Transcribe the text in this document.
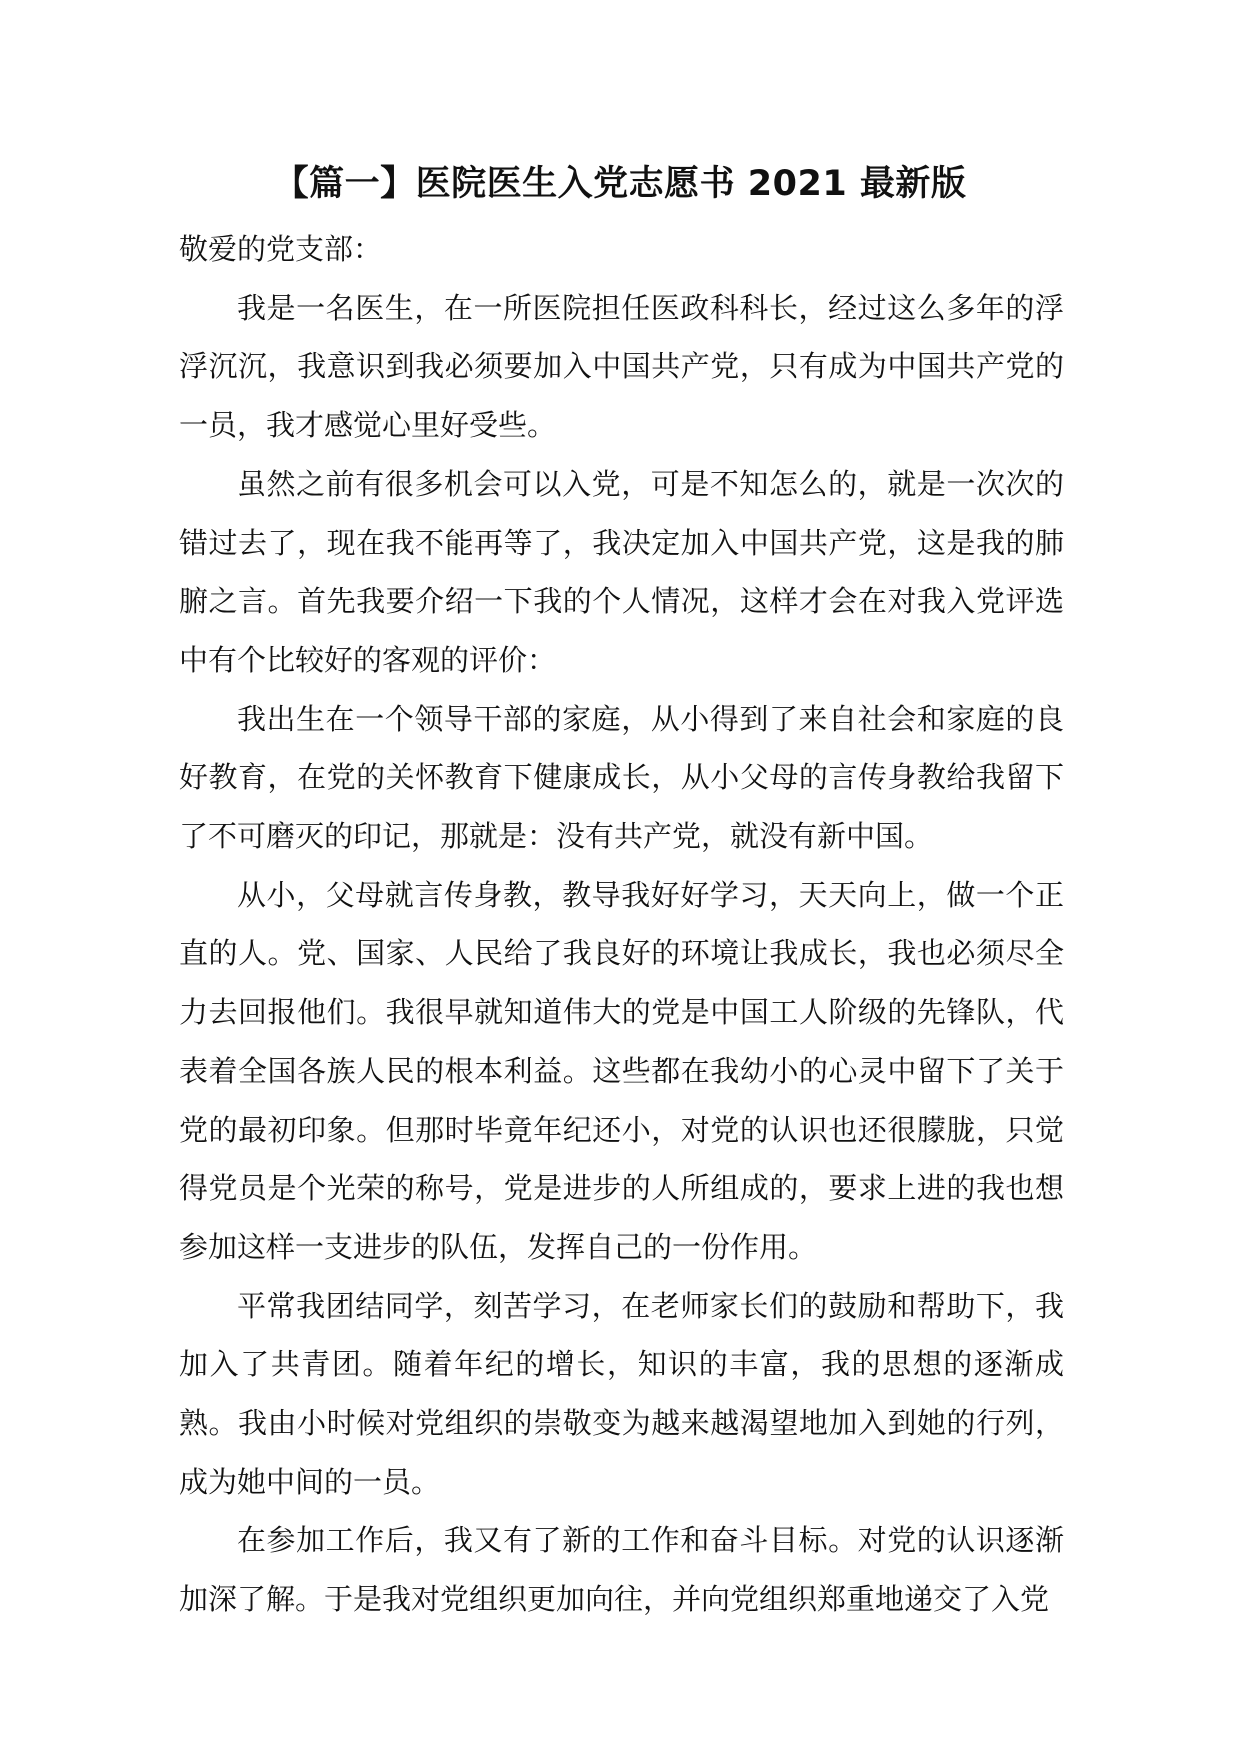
【篇一】医院医生入党志愿书 2021 最新版

敬爱的党支部：

我是一名医生，在一所医院担任医政科科长，经过这么多年的浮浮沉沉，我意识到我必须要加入中国共产党，只有成为中国共产党的一员，我才感觉心里好受些。

虽然之前有很多机会可以入党，可是不知怎么的，就是一次次的错过去了，现在我不能再等了，我决定加入中国共产党，这是我的肺腑之言。首先我要介绍一下我的个人情况，这样才会在对我入党评选中有个比较好的客观的评价：

我出生在一个领导干部的家庭，从小得到了来自社会和家庭的良好教育，在党的关怀教育下健康成长，从小父母的言传身教给我留下了不可磨灭的印记，那就是：没有共产党，就没有新中国。

从小，父母就言传身教，教导我好好学习，天天向上，做一个正直的人。党、国家、人民给了我良好的环境让我成长，我也必须尽全力去回报他们。我很早就知道伟大的党是中国工人阶级的先锋队，代表着全国各族人民的根本利益。这些都在我幼小的心灵中留下了关于党的最初印象。但那时毕竟年纪还小，对党的认识也还很朦胧，只觉得党员是个光荣的称号，党是进步的人所组成的，要求上进的我也想参加这样一支进步的队伍，发挥自己的一份作用。

平常我团结同学，刻苦学习，在老师家长们的鼓励和帮助下，我加入了共青团。随着年纪的增长，知识的丰富，我的思想的逐渐成熟。我由小时候对党组织的崇敬变为越来越渴望地加入到她的行列，成为她中间的一员。

在参加工作后，我又有了新的工作和奋斗目标。对党的认识逐渐加深了解。于是我对党组织更加向往，并向党组织郑重地递交了入党
